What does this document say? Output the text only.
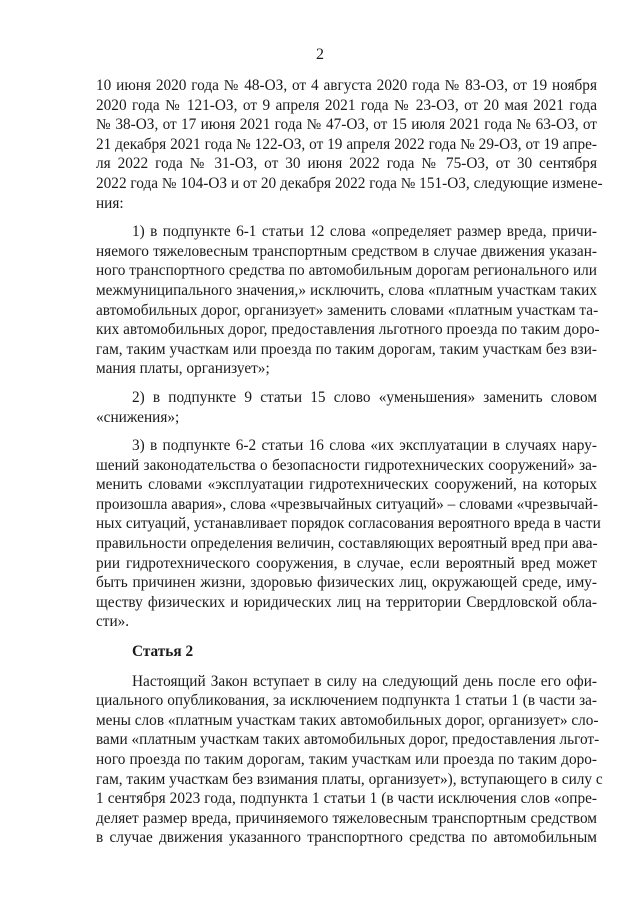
2
10 июня 2020 года № 48-ОЗ, от 4 августа 2020 года № 83-ОЗ, от 19 ноября
2020 года № 121-ОЗ, от 9 апреля 2021 года № 23-ОЗ, от 20 мая 2021 года
№ 38-ОЗ, от 17 июня 2021 года № 47-ОЗ, от 15 июля 2021 года № 63-ОЗ, от
21 декабря 2021 года № 122-ОЗ, от 19 апреля 2022 года № 29-ОЗ, от 19 апре-
ля 2022 года № 31-ОЗ, от 30 июня 2022 года № 75-ОЗ, от 30 сентября
2022 года № 104-ОЗ и от 20 декабря 2022 года № 151-ОЗ, следующие измене-
ния:
1) в подпункте 6-1 статьи 12 слова «определяет размер вреда, причи-
няемого тяжеловесным транспортным средством в случае движения указан-
ного транспортного средства по автомобильным дорогам регионального или
межмуниципального значения,» исключить, слова «платным участкам таких
автомобильных дорог, организует» заменить словами «платным участкам та-
ких автомобильных дорог, предоставления льготного проезда по таким доро-
гам, таким участкам или проезда по таким дорогам, таким участкам без взи-
мания платы, организует»;
2) в подпункте 9 статьи 15 слово «уменьшения» заменить словом
«снижения»;
3) в подпункте 6-2 статьи 16 слова «их эксплуатации в случаях нару-
шений законодательства о безопасности гидротехнических сооружений» за-
менить словами «эксплуатации гидротехнических сооружений, на которых
произошла авария», слова «чрезвычайных ситуаций» – словами «чрезвычай-
ных ситуаций, устанавливает порядок согласования вероятного вреда в части
правильности определения величин, составляющих вероятный вред при ава-
рии гидротехнического сооружения, в случае, если вероятный вред может
быть причинен жизни, здоровью физических лиц, окружающей среде, иму-
ществу физических и юридических лиц на территории Свердловской обла-
сти».
Статья 2
Настоящий Закон вступает в силу на следующий день после его офи-
циального опубликования, за исключением подпункта 1 статьи 1 (в части за-
мены слов «платным участкам таких автомобильных дорог, организует» сло-
вами «платным участкам таких автомобильных дорог, предоставления льгот-
ного проезда по таким дорогам, таким участкам или проезда по таким доро-
гам, таким участкам без взимания платы, организует»), вступающего в силу с
1 сентября 2023 года, подпункта 1 статьи 1 (в части исключения слов «опре-
деляет размер вреда, причиняемого тяжеловесным транспортным средством
в случае движения указанного транспортного средства по автомобильным
